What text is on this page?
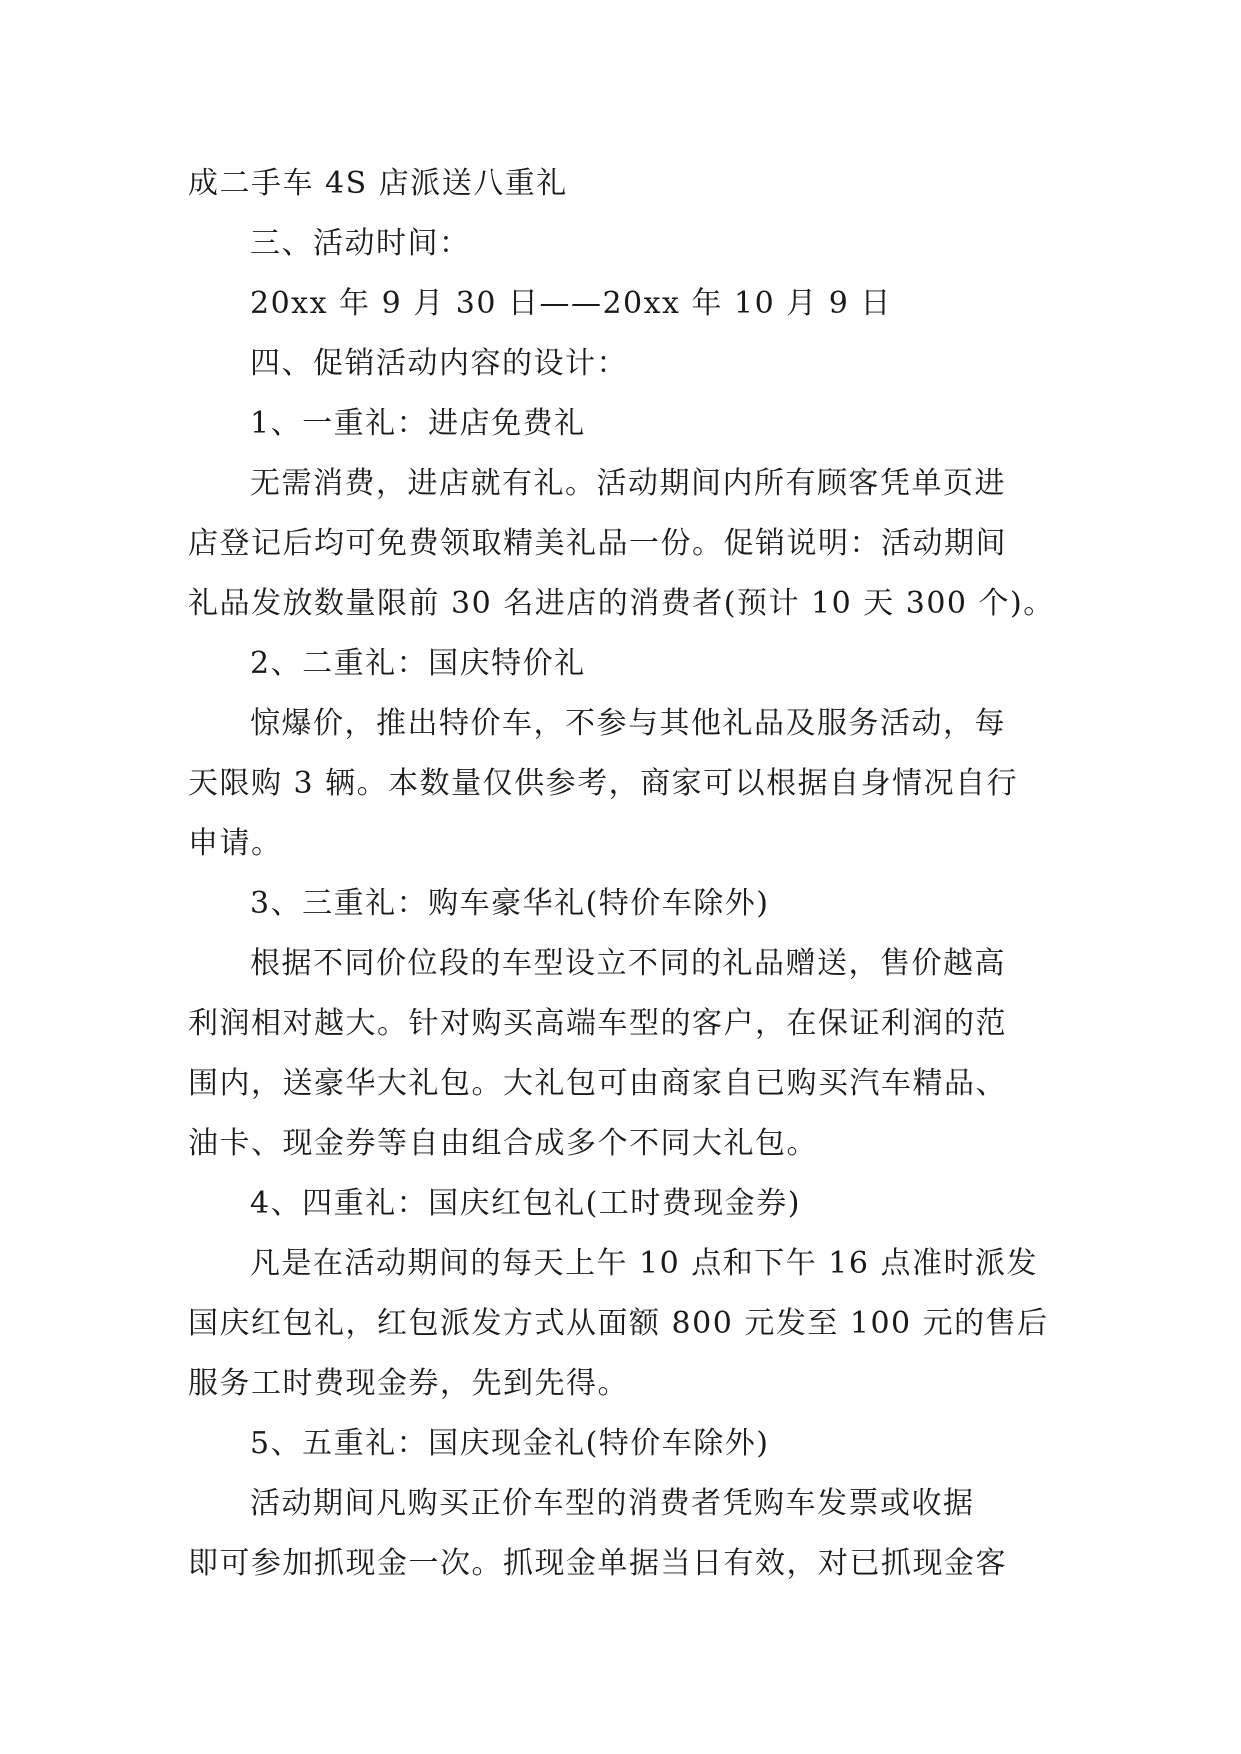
成二手车 4S 店派送八重礼
三、活动时间：
20xx 年 9 月 30 日——20xx 年 10 月 9 日
四、促销活动内容的设计：
1、一重礼：进店免费礼
无需消费，进店就有礼。活动期间内所有顾客凭单页进
店登记后均可免费领取精美礼品一份。促销说明：活动期间
礼品发放数量限前 30 名进店的消费者(预计 10 天 300 个)。
2、二重礼：国庆特价礼
惊爆价，推出特价车，不参与其他礼品及服务活动，每
天限购 3 辆。本数量仅供参考，商家可以根据自身情况自行
申请。
3、三重礼：购车豪华礼(特价车除外)
根据不同价位段的车型设立不同的礼品赠送，售价越高
利润相对越大。针对购买高端车型的客户，在保证利润的范
围内，送豪华大礼包。大礼包可由商家自已购买汽车精品、
油卡、现金券等自由组合成多个不同大礼包。
4、四重礼：国庆红包礼(工时费现金券)
凡是在活动期间的每天上午 10 点和下午 16 点准时派发
国庆红包礼，红包派发方式从面额 800 元发至 100 元的售后
服务工时费现金券，先到先得。
5、五重礼：国庆现金礼(特价车除外)
活动期间凡购买正价车型的消费者凭购车发票或收据
即可参加抓现金一次。抓现金单据当日有效，对已抓现金客
